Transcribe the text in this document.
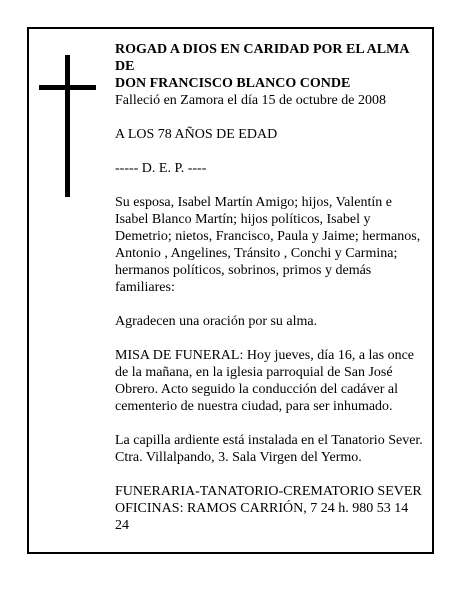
ROGAD A DIOS EN CARIDAD POR EL ALMA

DE

DON FRANCISCO BLANCO CONDE

Falleció en Zamora el día 15 de octubre de 2008

A LOS 78 AÑOS DE EDAD

----- D. E. P. ----

Su esposa, Isabel Martín Amigo; hijos, Valentín e Isabel Blanco Martín; hijos políticos, Isabel y Demetrio; nietos, Francisco, Paula y Jaime; hermanos, Antonio , Angelines, Tránsito , Conchi y Carmina; hermanos políticos, sobrinos, primos y demás familiares:

Agradecen una oración por su alma.

MISA DE FUNERAL: Hoy jueves, día 16, a las once de la mañana, en la iglesia parroquial de San José Obrero. Acto seguido la conducción del cadáver al cementerio de nuestra ciudad, para ser inhumado.

La capilla ardiente está instalada en el Tanatorio Sever. Ctra. Villalpando, 3. Sala Virgen del Yermo.

FUNERARIA-TANATORIO-CREMATORIO SEVER

OFICINAS: RAMOS CARRIÓN, 7 24 h. 980 53 14 24
